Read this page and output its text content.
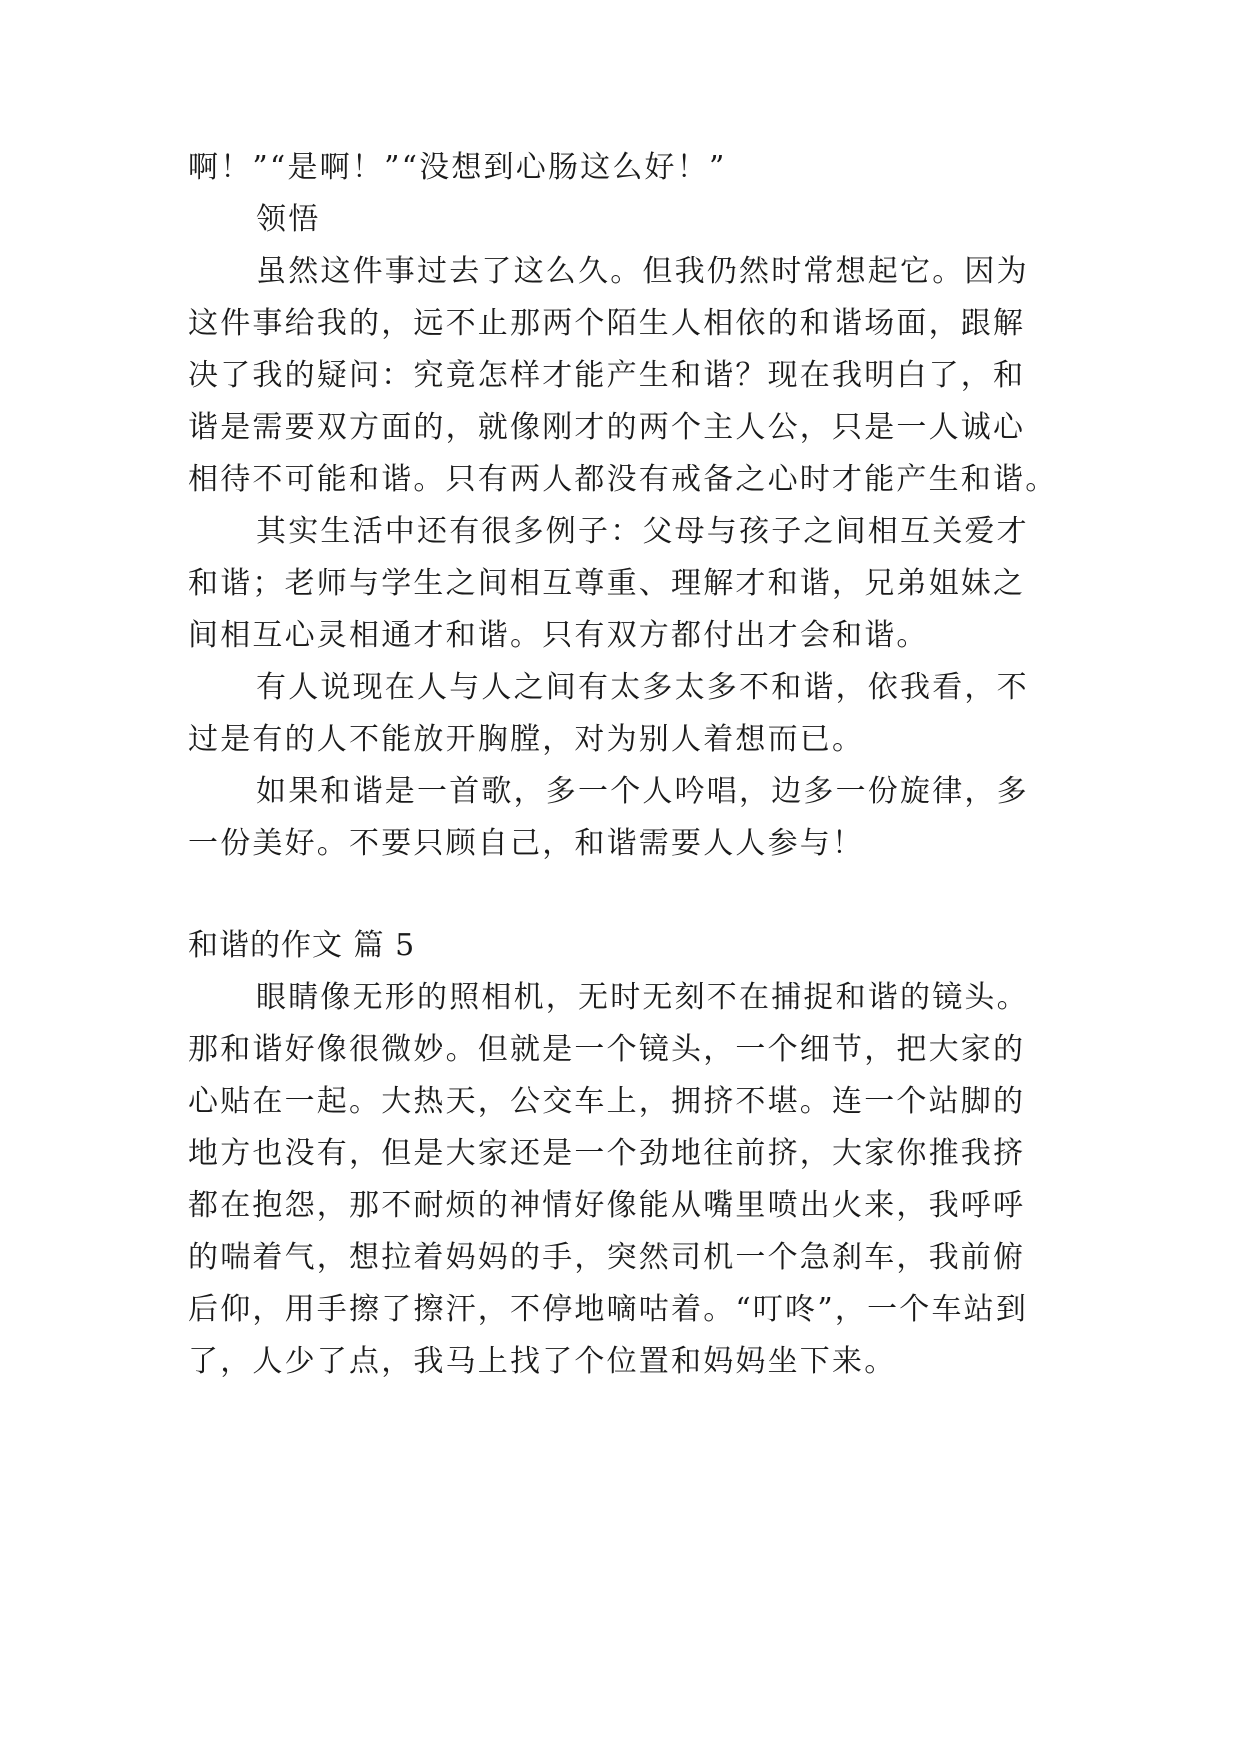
啊！”“是啊！”“没想到心肠这么好！”
领悟
虽然这件事过去了这么久。但我仍然时常想起它。因为
这件事给我的，远不止那两个陌生人相依的和谐场面，跟解
决了我的疑问：究竟怎样才能产生和谐？现在我明白了，和
谐是需要双方面的，就像刚才的两个主人公，只是一人诚心
相待不可能和谐。只有两人都没有戒备之心时才能产生和谐。
其实生活中还有很多例子：父母与孩子之间相互关爱才
和谐；老师与学生之间相互尊重、理解才和谐，兄弟姐妹之
间相互心灵相通才和谐。只有双方都付出才会和谐。
有人说现在人与人之间有太多太多不和谐，依我看，不
过是有的人不能放开胸膛，对为别人着想而已。
如果和谐是一首歌，多一个人吟唱，边多一份旋律，多
一份美好。不要只顾自己，和谐需要人人参与！
和谐的作文 篇 5
眼睛像无形的照相机，无时无刻不在捕捉和谐的镜头。
那和谐好像很微妙。但就是一个镜头，一个细节，把大家的
心贴在一起。大热天，公交车上，拥挤不堪。连一个站脚的
地方也没有，但是大家还是一个劲地往前挤，大家你推我挤
都在抱怨，那不耐烦的神情好像能从嘴里喷出火来，我呼呼
的喘着气，想拉着妈妈的手，突然司机一个急刹车，我前俯
后仰，用手擦了擦汗，不停地嘀咕着。“叮咚”，一个车站到
了，人少了点，我马上找了个位置和妈妈坐下来。
